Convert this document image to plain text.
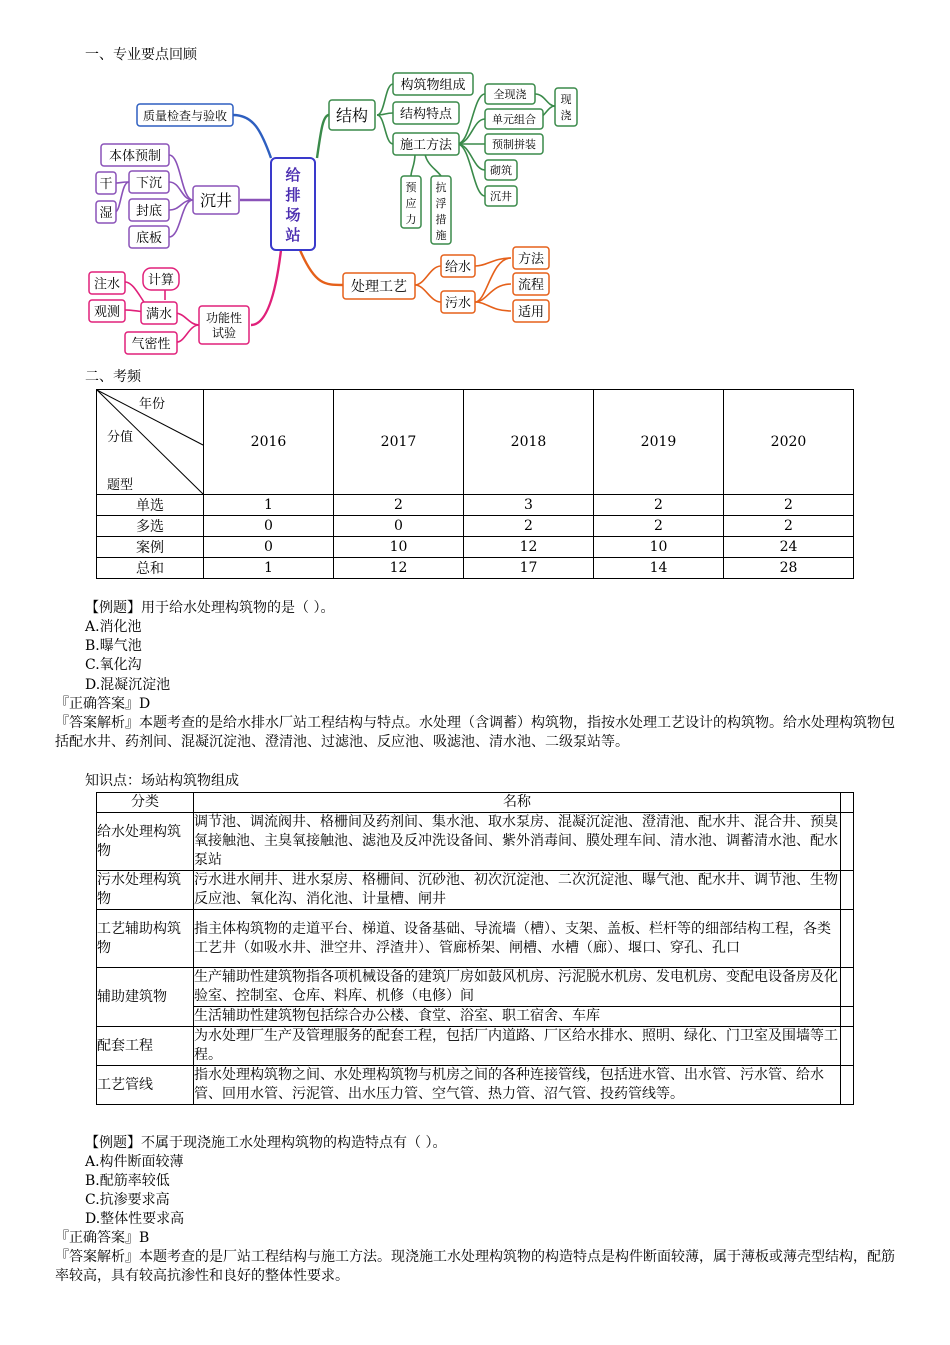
一、专业要点回顾
给
排
场
站
质量检查与验收
沉井
本体预制
下沉
封底
底板
干
湿
功能性
试验
满水
注水
观测
计算
气密性
结构
构筑物组成
结构特点
施工方法
全现浇
单元组合
预制拼装
砌筑
沉井
现
浇
预
应
力
抗
浮
措
施
处理工艺
给水
污水
方法
流程
适用
二、考频
年份
分值
题型	2016	2017	2018	2019	2020
单选	1	2	3	2	2
多选	0	0	2	2	2
案例	0	10	12	10	24
总和	1	12	17	14	28
【例题】用于给水处理构筑物的是（ ）。
A.消化池
B.曝气池
C.氧化沟
D.混凝沉淀池
『正确答案』D
『答案解析』本题考查的是给水排水厂站工程结构与特点。水处理（含调蓄）构筑物，指按水处理工艺设计的构筑物。给水处理构筑物包括配水井、药剂间、混凝沉淀池、澄清池、过滤池、反应池、吸滤池、清水池、二级泵站等。
知识点：场站构筑物组成
分类	名称	
给水处理构筑物	调节池、调流阀井、格栅间及药剂间、集水池、取水泵房、混凝沉淀池、澄清池、配水井、混合井、预臭氧接触池、主臭氧接触池、滤池及反冲洗设备间、紫外消毒间、膜处理车间、清水池、调蓄清水池、配水泵站	
污水处理构筑物	污水进水闸井、进水泵房、格栅间、沉砂池、初次沉淀池、二次沉淀池、曝气池、配水井、调节池、生物反应池、氧化沟、消化池、计量槽、闸井	
工艺辅助构筑物	指主体构筑物的走道平台、梯道、设备基础、导流墙（槽）、支架、盖板、栏杆等的细部结构工程，各类工艺井（如吸水井、泄空井、浮渣井）、管廊桥架、闸槽、水槽（廊）、堰口、穿孔、孔口	
辅助建筑物	生产辅助性建筑物指各项机械设备的建筑厂房如鼓风机房、污泥脱水机房、发电机房、变配电设备房及化验室、控制室、仓库、料库、机修（电修）间	
	生活辅助性建筑物包括综合办公楼、食堂、浴室、职工宿舍、车库	
配套工程	为水处理厂生产及管理服务的配套工程，包括厂内道路、厂区给水排水、照明、绿化、门卫室及围墙等工程。	
工艺管线	指水处理构筑物之间、水处理构筑物与机房之间的各种连接管线，包括进水管、出水管、污水管、给水管、回用水管、污泥管、出水压力管、空气管、热力管、沼气管、投药管线等。	
【例题】不属于现浇施工水处理构筑物的构造特点有（ ）。
A.构件断面较薄
B.配筋率较低
C.抗渗要求高
D.整体性要求高
『正确答案』B
『答案解析』本题考查的是厂站工程结构与施工方法。现浇施工水处理构筑物的构造特点是构件断面较薄，属于薄板或薄壳型结构，配筋率较高，具有较高抗渗性和良好的整体性要求。
